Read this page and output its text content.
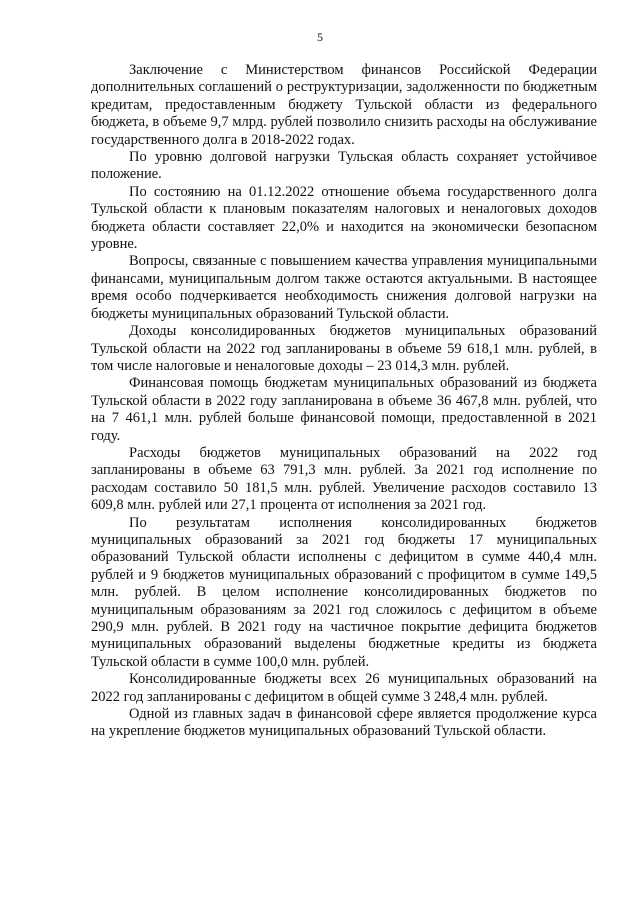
5

Заключение с Министерством финансов Российской Федерации дополнительных соглашений о реструктуризации, задолженности по бюджетным кредитам, предоставленным бюджету Тульской области из федерального бюджета, в объеме 9,7 млрд. рублей позволило снизить расходы на обслуживание государственного долга в 2018-2022 годах.

По уровню долговой нагрузки Тульская область сохраняет устойчивое положение.

По состоянию на 01.12.2022 отношение объема государственного долга Тульской области к плановым показателям налоговых и неналоговых доходов бюджета области составляет 22,0% и находится на экономически безопасном уровне.

Вопросы, связанные с повышением качества управления муниципальными финансами, муниципальным долгом также остаются актуальными. В настоящее время особо подчеркивается необходимость снижения долговой нагрузки на бюджеты муниципальных образований Тульской области.

Доходы консолидированных бюджетов муниципальных образований Тульской области на 2022 год запланированы в объеме 59 618,1 млн. рублей, в том числе налоговые и неналоговые доходы – 23 014,3 млн. рублей.

Финансовая помощь бюджетам муниципальных образований из бюджета Тульской области в 2022 году запланирована в объеме 36 467,8 млн. рублей, что на 7 461,1 млн. рублей больше финансовой помощи, предоставленной в 2021 году.

Расходы бюджетов муниципальных образований на 2022 год запланированы в объеме 63 791,3 млн. рублей. За 2021 год исполнение по расходам составило 50 181,5 млн. рублей. Увеличение расходов составило 13 609,8 млн. рублей или 27,1 процента от исполнения за 2021 год.

По результатам исполнения консолидированных бюджетов муниципальных образований за 2021 год бюджеты 17 муниципальных образований Тульской области исполнены с дефицитом в сумме 440,4 млн. рублей и 9 бюджетов муниципальных образований с профицитом в сумме 149,5 млн. рублей. В целом исполнение консолидированных бюджетов по муниципальным образованиям за 2021 год сложилось с дефицитом в объеме 290,9 млн. рублей. В 2021 году на частичное покрытие дефицита бюджетов муниципальных образований выделены бюджетные кредиты из бюджета Тульской области в сумме 100,0 млн. рублей.

Консолидированные бюджеты всех 26 муниципальных образований на 2022 год запланированы с дефицитом в общей сумме 3 248,4 млн. рублей.

Одной из главных задач в финансовой сфере является продолжение курса на укрепление бюджетов муниципальных образований Тульской области.
